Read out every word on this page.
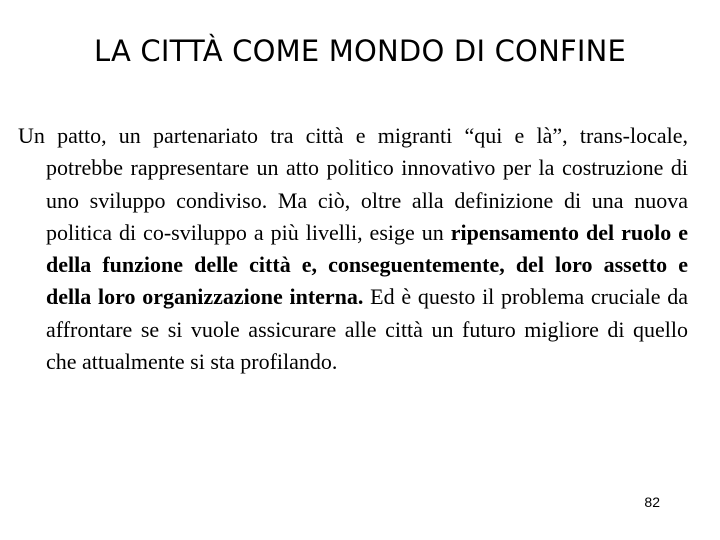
LA CITTÀ COME MONDO DI CONFINE

Un patto, un partenariato tra città e migranti “qui e là”, trans-locale, potrebbe rappresentare un atto politico innovativo per la costruzione di uno sviluppo condiviso. Ma ciò, oltre alla definizione di una nuova politica di co-sviluppo a più livelli, esige un ripensamento del ruolo e della funzione delle città e, conseguentemente, del loro assetto e della loro organizzazione interna. Ed è questo il problema cruciale da affrontare se si vuole assicurare alle città un futuro migliore di quello che attualmente si sta profilando.

82
